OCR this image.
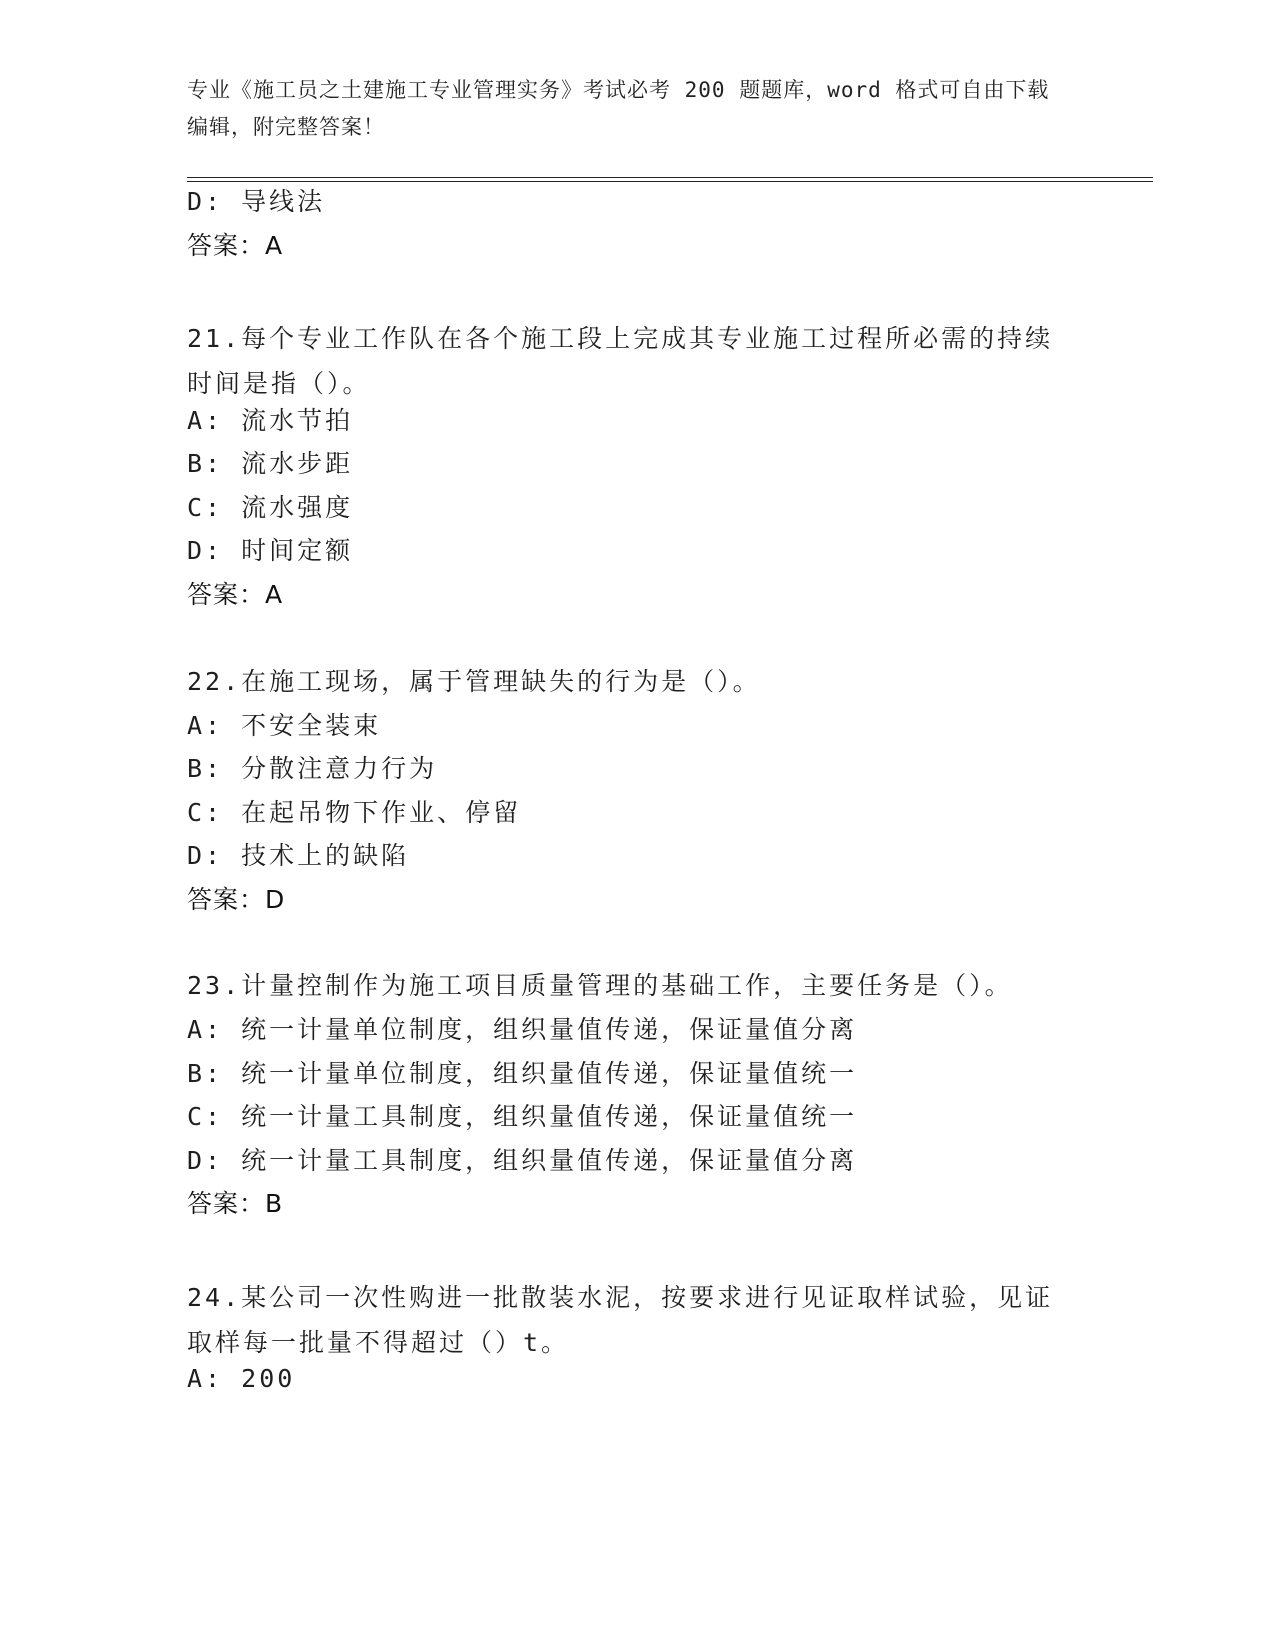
专业《施工员之土建施工专业管理实务》考试必考 200 题题库，word 格式可自由下载编辑，附完整答案！
D: 导线法
答案：A
21.每个专业工作队在各个施工段上完成其专业施工过程所必需的持续时间是指（）。
A: 流水节拍
B: 流水步距
C: 流水强度
D: 时间定额
答案：A
22.在施工现场，属于管理缺失的行为是（）。
A: 不安全装束
B: 分散注意力行为
C: 在起吊物下作业、停留
D: 技术上的缺陷
答案：D
23.计量控制作为施工项目质量管理的基础工作，主要任务是（）。
A: 统一计量单位制度，组织量值传递，保证量值分离
B: 统一计量单位制度，组织量值传递，保证量值统一
C: 统一计量工具制度，组织量值传递，保证量值统一
D: 统一计量工具制度，组织量值传递，保证量值分离
答案：B
24.某公司一次性购进一批散装水泥，按要求进行见证取样试验，见证取样每一批量不得超过（）t。
A: 200
